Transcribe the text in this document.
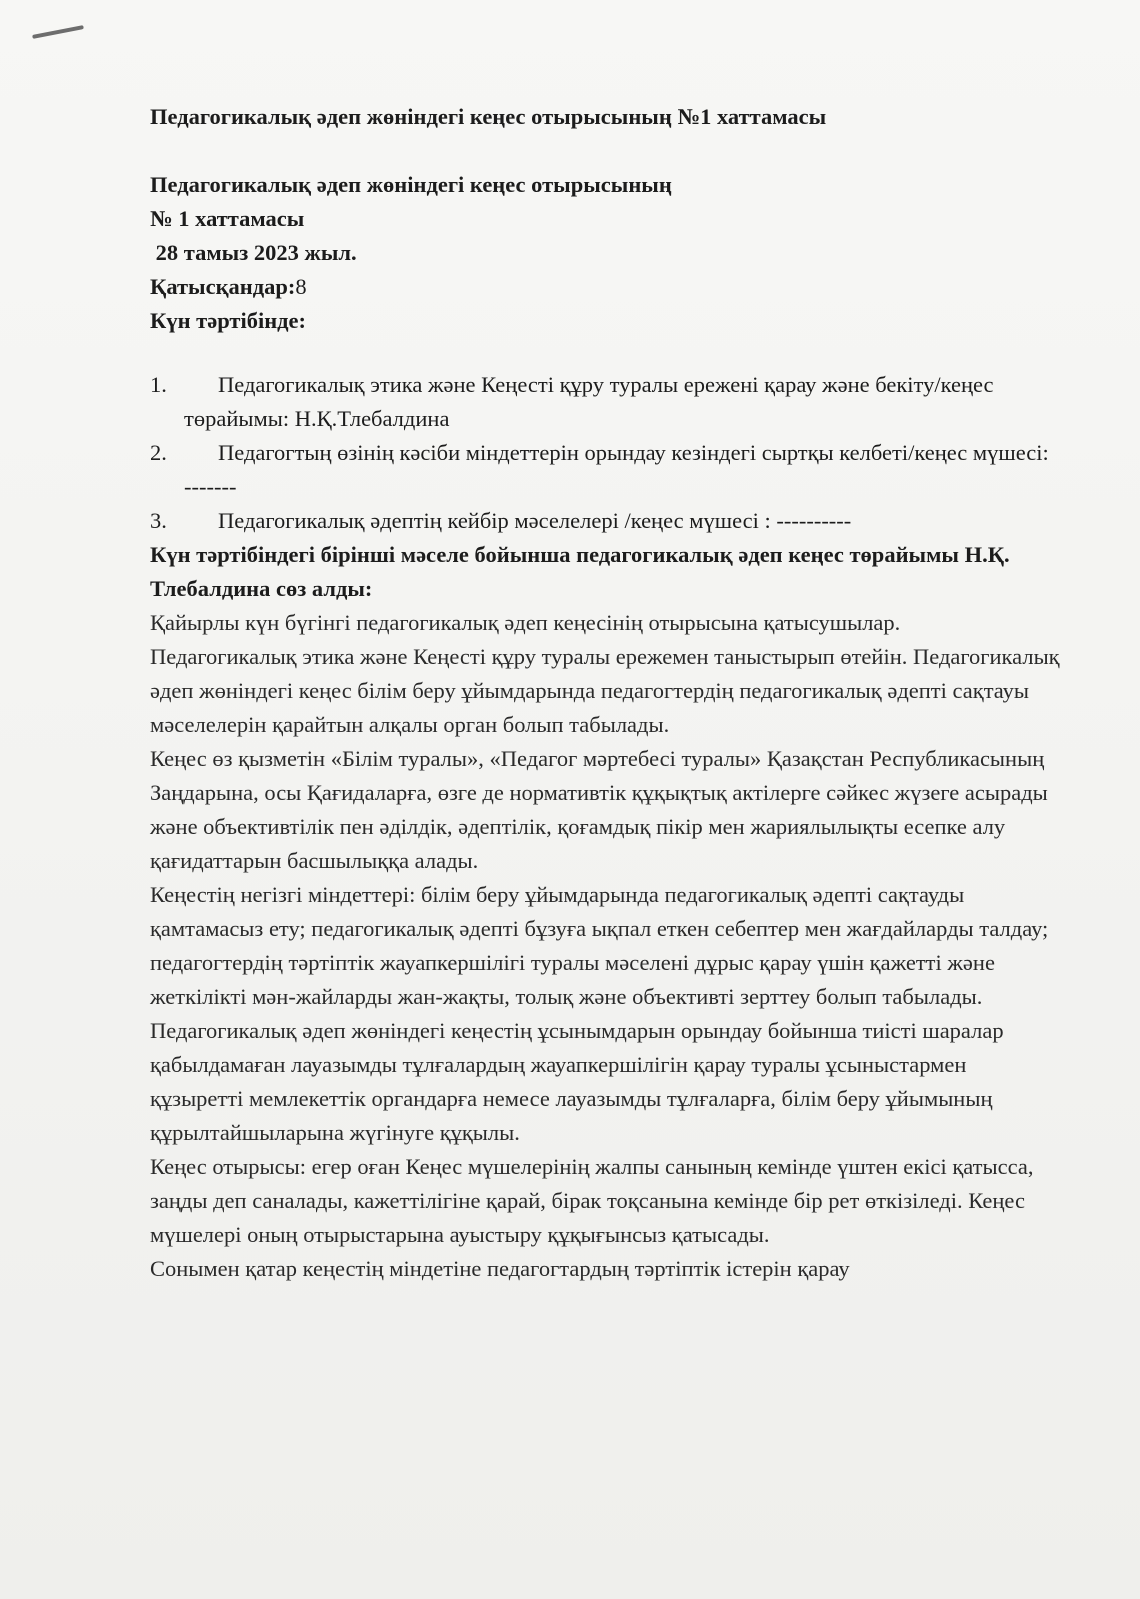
Педагогикалық әдеп жөніндегі кеңес отырысының №1 хаттамасы
Педагогикалық әдеп жөніндегі кеңес отырысының
№ 1 хаттамасы
28 тамыз 2023 жыл.
Қатысқандар:8
Күн тәртібінде:
1. Педагогикалық этика және Кеңесті құру туралы ережені қарау және бекіту/кеңес төрайымы: Н.Қ.Тлебалдина
2. Педагогтың өзінің кәсіби міндеттерін орындау кезіндегі сыртқы келбеті/кеңес мүшесі: -------
3. Педагогикалық әдептің кейбір мәселелері /кеңес мүшесі : ----------
Күн тәртібіндегі бірінші мәселе бойынша педагогикалық әдеп кеңес төрайымы Н.Қ. Тлебалдина сөз алды:
Қайырлы күн бүгінгі педагогикалық әдеп кеңесінің отырысына қатысушылар.
Педагогикалық этика және Кеңесті құру туралы ережемен таныстырып өтейін. Педагогикалық әдеп жөніндегі кеңес білім беру ұйымдарында педагогтердің педагогикалық әдепті сақтауы мәселелерін қарайтын алқалы орган болып табылады.
Кеңес өз қызметін «Білім туралы», «Педагог мәртебесі туралы» Қазақстан Республикасының Заңдарына, осы Қағидаларға, өзге де нормативтік құқықтық актілерге сәйкес жүзеге асырады және объективтілік пен әділдік, әдептілік, қоғамдық пікір мен жариялылықты есепке алу қағидаттарын басшылыққа алады.
Кеңестің негізгі міндеттері: білім беру ұйымдарында педагогикалық әдепті сақтауды қамтамасыз ету; педагогикалық әдепті бұзуға ықпал еткен себептер мен жағдайларды талдау; педагогтердің тәртіптік жауапкершілігі туралы мәселені дұрыс қарау үшін қажетті және жеткілікті мән-жайларды жан-жақты, толық және объективті зерттеу болып табылады.
Педагогикалық әдеп жөніндегі кеңестің ұсынымдарын орындау бойынша тиісті шаралар қабылдамаған лауазымды тұлғалардың жауапкершілігін қарау туралы ұсыныстармен құзыретті мемлекеттік органдарға немесе лауазымды тұлғаларға, білім беру ұйымының құрылтайшыларына жүгінуге құқылы.
Кеңес отырысы: егер оған Кеңес мүшелерінің жалпы санының кемінде үштен екісі қатысса, заңды деп саналады, кажеттілігіне қарай, бірак тоқсанына кемінде бір рет өткізіледі. Кеңес мүшелері оның отырыстарына ауыстыру құқығынсыз қатысады.
Сонымен қатар кеңестің міндетіне педагогтардың тәртіптік істерін қарау
